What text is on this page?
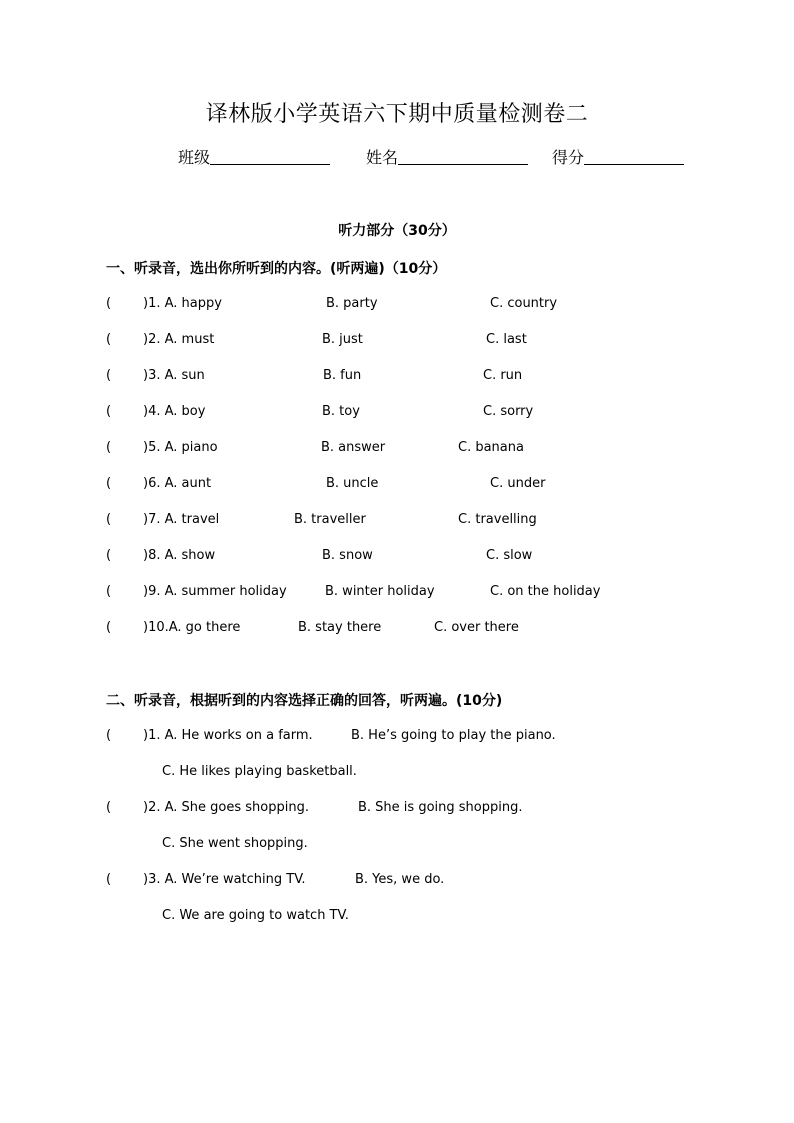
译林版小学英语六下期中质量检测卷二
班级	姓名	得分
听力部分（30分）
一、听录音，选出你所听到的内容。(听两遍)（10分）
( )1. A. happy	B. party	C. country
( )2. A. must	B. just	C. last
( )3. A. sun	B. fun	C. run
( )4. A. boy	B. toy	C. sorry
( )5. A. piano	B. answer	C. banana
( )6. A. aunt	B. uncle	C. under
( )7. A. travel	B. traveller	C. travelling
( )8. A. show	B. snow	C. slow
( )9. A. summer holiday	B. winter holiday	C. on the holiday
( )10.A. go there	B. stay there	C. over there
二、听录音，根据听到的内容选择正确的回答，听两遍。(10分)
( )1. A. He works on a farm.	B. He’s going to play the piano.
C. He likes playing basketball.
( )2. A. She goes shopping.	B. She is going shopping.
C. She went shopping.
( )3. A. We’re watching TV.	B. Yes, we do.
C. We are going to watch TV.
